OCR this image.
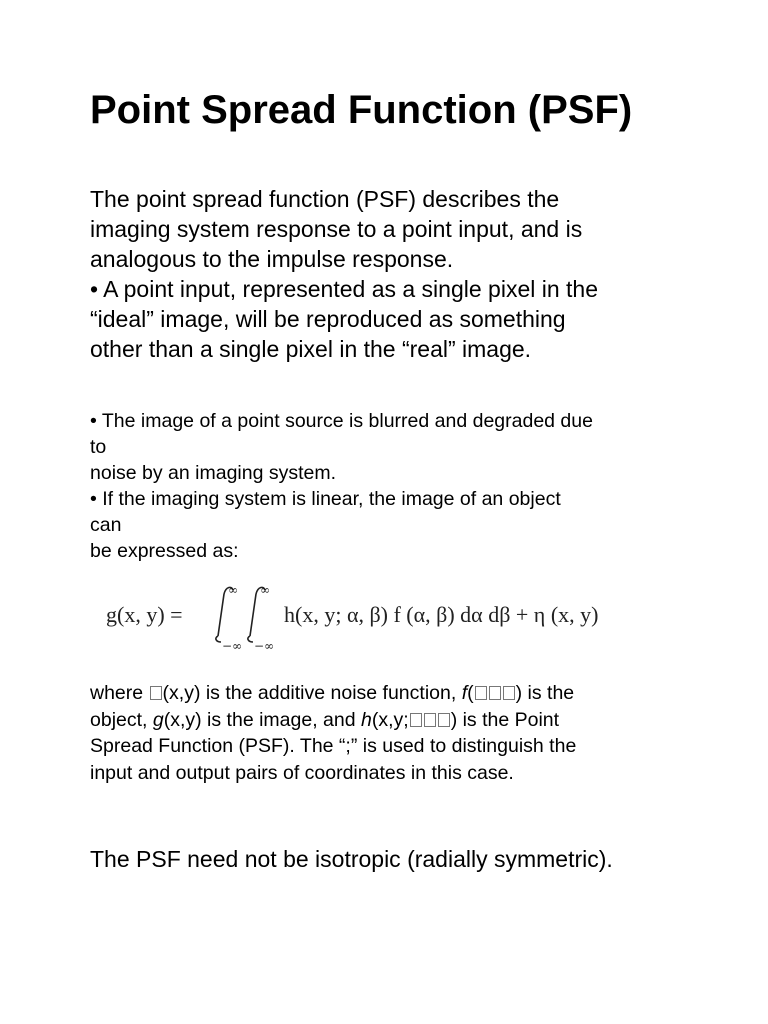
Point Spread Function (PSF)
The point spread function (PSF) describes the
imaging system response to a point input, and is
analogous to the impulse response.
• A point input, represented as a single pixel in the
“ideal” image, will be reproduced as something
other than a single pixel in the “real” image.
• The image of a point source is blurred and degraded due
to
noise by an imaging system.
• If the imaging system is linear, the image of an object
can
be expressed as:
g(x, y) =
∞
−∞
∞
−∞
h(x, y; α, β) f (α, β) dα dβ + η (x, y)
where (x,y) is the additive noise function, f( ) is the
object, g(x,y) is the image, and h(x,y; ) is the Point
Spread Function (PSF). The “;” is used to distinguish the
input and output pairs of coordinates in this case.
The PSF need not be isotropic (radially symmetric).
